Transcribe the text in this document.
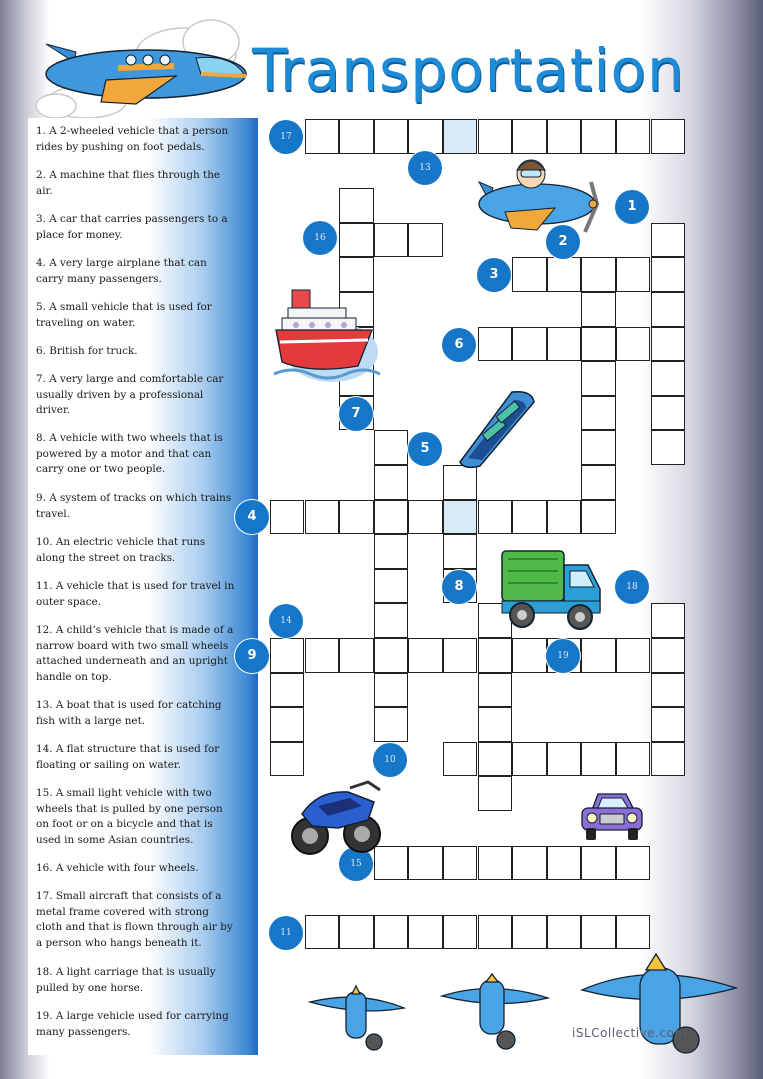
Transportation
1. A 2-wheeled vehicle that a person
rides by pushing on foot pedals.
2. A machine that flies through the
air.
3. A car that carries passengers to a
place for money.
4. A very large airplane that can
carry many passengers.
5. A small vehicle that is used for
traveling on water.
6. British for truck.
7. A very large and comfortable car
usually driven by a professional
driver.
8. A vehicle with two wheels that is
powered by a motor and that can
carry one or two people.
9. A system of tracks on which trains
travel.
10. An electric vehicle that runs
along the street on tracks.
11. A vehicle that is used for travel in
outer space.
12. A child’s vehicle that is made of a
narrow board with two small wheels
attached underneath and an upright
handle on top.
13. A boat that is used for catching
fish with a large net.
14. A flat structure that is used for
floating or sailing on water.
15. A small light vehicle with two
wheels that is pulled by one person
on foot or on a bicycle and that is
used in some Asian countries.
16. A vehicle with four wheels.
17. Small aircraft that consists of a
metal frame covered with strong
cloth and that is flown through air by
a person who hangs beneath it.
18. A light carriage that is usually
pulled by one horse.
19. A large vehicle used for carrying
many passengers.
17
13
1
2
16
3
6
7
5
4
8	18
14
9	19
10
15
11
iSLCollective.com
